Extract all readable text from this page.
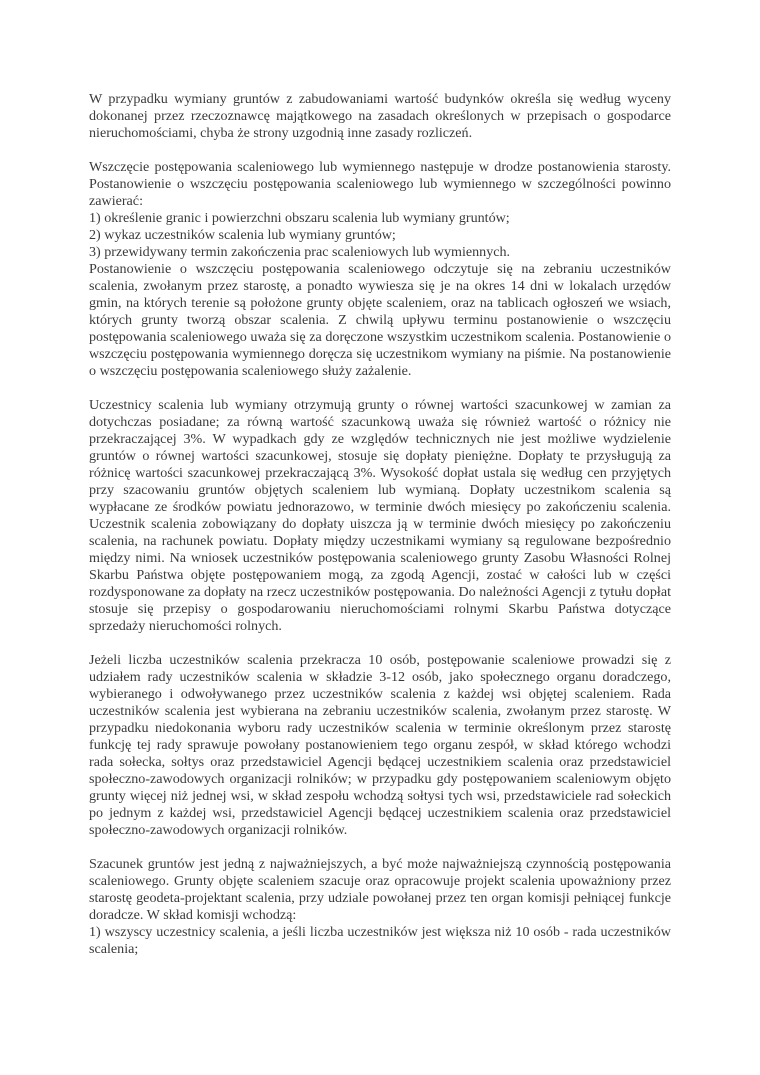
W przypadku wymiany gruntów z zabudowaniami wartość budynków określa się według wyceny dokonanej przez rzeczoznawcę majątkowego na zasadach określonych w przepisach o gospodarce nieruchomościami, chyba że strony uzgodnią inne zasady rozliczeń.

Wszczęcie postępowania scaleniowego lub wymiennego następuje w drodze postanowienia starosty. Postanowienie o wszczęciu postępowania scaleniowego lub wymiennego w szczególności powinno zawierać:

1) określenie granic i powierzchni obszaru scalenia lub wymiany gruntów;

2) wykaz uczestników scalenia lub wymiany gruntów;

3) przewidywany termin zakończenia prac scaleniowych lub wymiennych.

Postanowienie o wszczęciu postępowania scaleniowego odczytuje się na zebraniu uczestników scalenia, zwołanym przez starostę, a ponadto wywiesza się je na okres 14 dni w lokalach urzędów gmin, na których terenie są położone grunty objęte scaleniem, oraz na tablicach ogłoszeń we wsiach, których grunty tworzą obszar scalenia. Z chwilą upływu terminu postanowienie o wszczęciu postępowania scaleniowego uważa się za doręczone wszystkim uczestnikom scalenia. Postanowienie o wszczęciu postępowania wymiennego doręcza się uczestnikom wymiany na piśmie. Na postanowienie o wszczęciu postępowania scaleniowego służy zażalenie.

Uczestnicy scalenia lub wymiany otrzymują grunty o równej wartości szacunkowej w zamian za dotychczas posiadane; za równą wartość szacunkową uważa się również wartość o różnicy nie przekraczającej 3%. W wypadkach gdy ze względów technicznych nie jest możliwe wydzielenie gruntów o równej wartości szacunkowej, stosuje się dopłaty pieniężne. Dopłaty te przysługują za różnicę wartości szacunkowej przekraczającą 3%. Wysokość dopłat ustala się według cen przyjętych przy szacowaniu gruntów objętych scaleniem lub wymianą. Dopłaty uczestnikom scalenia są wypłacane ze środków powiatu jednorazowo, w terminie dwóch miesięcy po zakończeniu scalenia. Uczestnik scalenia zobowiązany do dopłaty uiszcza ją w terminie dwóch miesięcy po zakończeniu scalenia, na rachunek powiatu. Dopłaty między uczestnikami wymiany są regulowane bezpośrednio między nimi. Na wniosek uczestników postępowania scaleniowego grunty Zasobu Własności Rolnej Skarbu Państwa objęte postępowaniem mogą, za zgodą Agencji, zostać w całości lub w części rozdysponowane za dopłaty na rzecz uczestników postępowania. Do należności Agencji z tytułu dopłat stosuje się przepisy o gospodarowaniu nieruchomościami rolnymi Skarbu Państwa dotyczące sprzedaży nieruchomości rolnych.

Jeżeli liczba uczestników scalenia przekracza 10 osób, postępowanie scaleniowe prowadzi się z udziałem rady uczestników scalenia w składzie 3-12 osób, jako społecznego organu doradczego, wybieranego i odwoływanego przez uczestników scalenia z każdej wsi objętej scaleniem. Rada uczestników scalenia jest wybierana na zebraniu uczestników scalenia, zwołanym przez starostę. W przypadku niedokonania wyboru rady uczestników scalenia w terminie określonym przez starostę funkcję tej rady sprawuje powołany postanowieniem tego organu zespół, w skład którego wchodzi rada sołecka, sołtys oraz przedstawiciel Agencji będącej uczestnikiem scalenia oraz przedstawiciel społeczno-zawodowych organizacji rolników; w przypadku gdy postępowaniem scaleniowym objęto grunty więcej niż jednej wsi, w skład zespołu wchodzą sołtysi tych wsi, przedstawiciele rad sołeckich po jednym z każdej wsi, przedstawiciel Agencji będącej uczestnikiem scalenia oraz przedstawiciel społeczno-zawodowych organizacji rolników.

Szacunek gruntów jest jedną z najważniejszych, a być może najważniejszą czynnością postępowania scaleniowego. Grunty objęte scaleniem szacuje oraz opracowuje projekt scalenia upoważniony przez starostę geodeta-projektant scalenia, przy udziale powołanej przez ten organ komisji pełniącej funkcje doradcze. W skład komisji wchodzą:

1) wszyscy uczestnicy scalenia, a jeśli liczba uczestników jest większa niż 10 osób - rada uczestników scalenia;
